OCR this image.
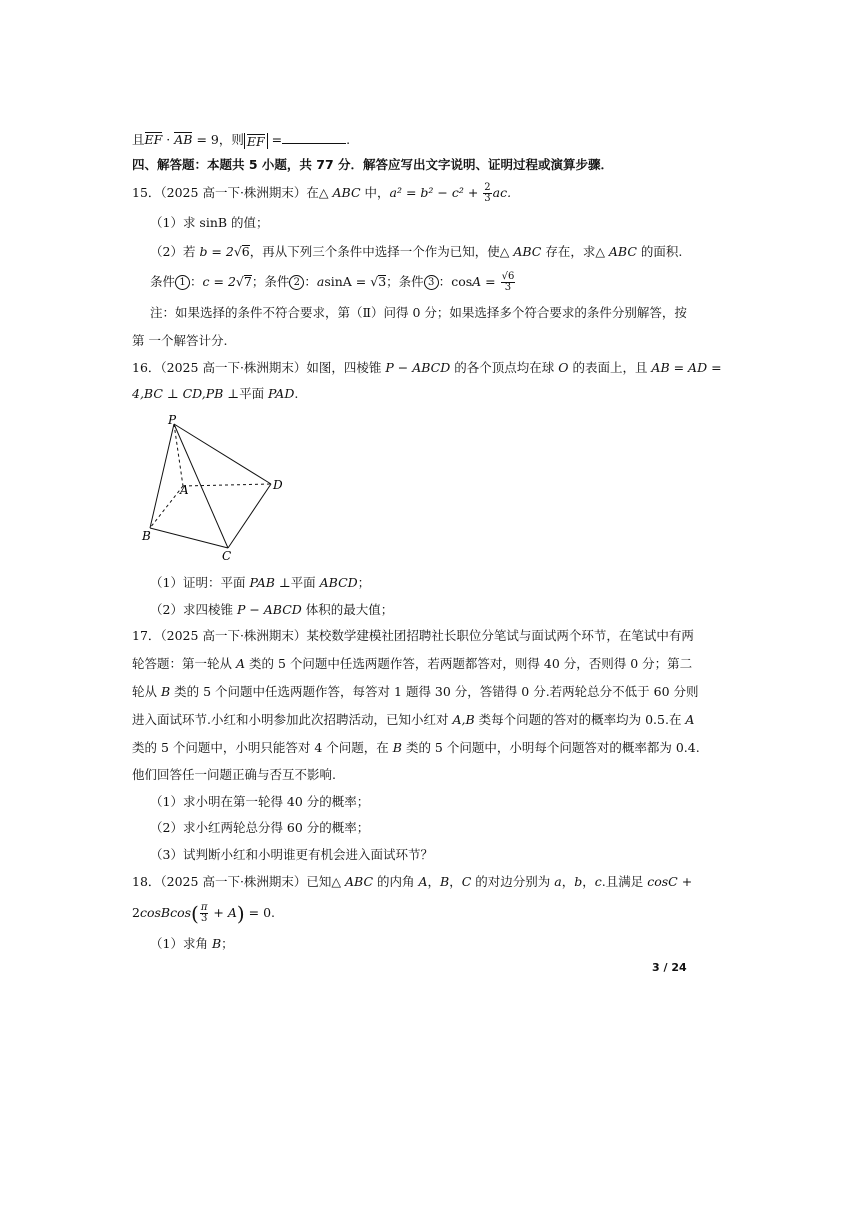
且EF · AB = 9，则 EF =	.
四、解答题：本题共 5 小题，共 77 分．解答应写出文字说明、证明过程或演算步骤．
15．（2025 高一下·株洲期末）在△ ABC 中，$a^2 = b^2 - c^2 + \frac{2}{3}$ ac.
（1）求 sinB 的值；
（2）若 b = 2√6，再从下列三个条件中选择一个作为已知，使△ ABC 存在，求△ ABC 的面积.
条件 1 ：c = 2√7；条件 2 ：asinA = √3；条件 3 ：$\cos A = \frac{√6}{3}$
注：如果选择的条件不符合要求，第（Ⅱ）问得 0 分；如果选择多个符合要求的条件分别解答，按
第 一个解答计分.
16．（2025 高一下·株洲期末）如图，四棱锥 P − ABCD 的各个顶点均在球 O 的表面上，且 AB = AD =
4,BC ⊥ CD,PB ⊥平面 PAD.
P
A
B
C
D
（1）证明：平面 PAB ⊥平面 ABCD；
（2）求四棱锥 P − ABCD 体积的最大值；
17．（2025 高一下·株洲期末）某校数学建模社团招聘社长职位分笔试与面试两个环节，在笔试中有两
轮答题：第一轮从 A 类的 5 个问题中任选两题作答，若两题都答对，则得 40 分，否则得 0 分；第二
轮从 B 类的 5 个问题中任选两题作答，每答对 1 题得 30 分，答错得 0 分.若两轮总分不低于 60 分则
进入面试环节.小红和小明参加此次招聘活动，已知小红对 A,B 类每个问题的答对的概率均为 0.5.在 A
类的 5 个问题中，小明只能答对 4 个问题，在 B 类的 5 个问题中，小明每个问题答对的概率都为 0.4.
他们回答任一问题正确与否互不影响.
（1）求小明在第一轮得 40 分的概率；
（2）求小红两轮总分得 60 分的概率；
（3）试判断小红和小明谁更有机会进入面试环节？
18．（2025 高一下·株洲期末）已知△ ABC 的内角 A，B，C 的对边分别为 a，b，c.且满足 cosC +
2cosBcos( $\frac{\pi}{3} + A) = 0$.
（1）求角 B；
3 / 24
